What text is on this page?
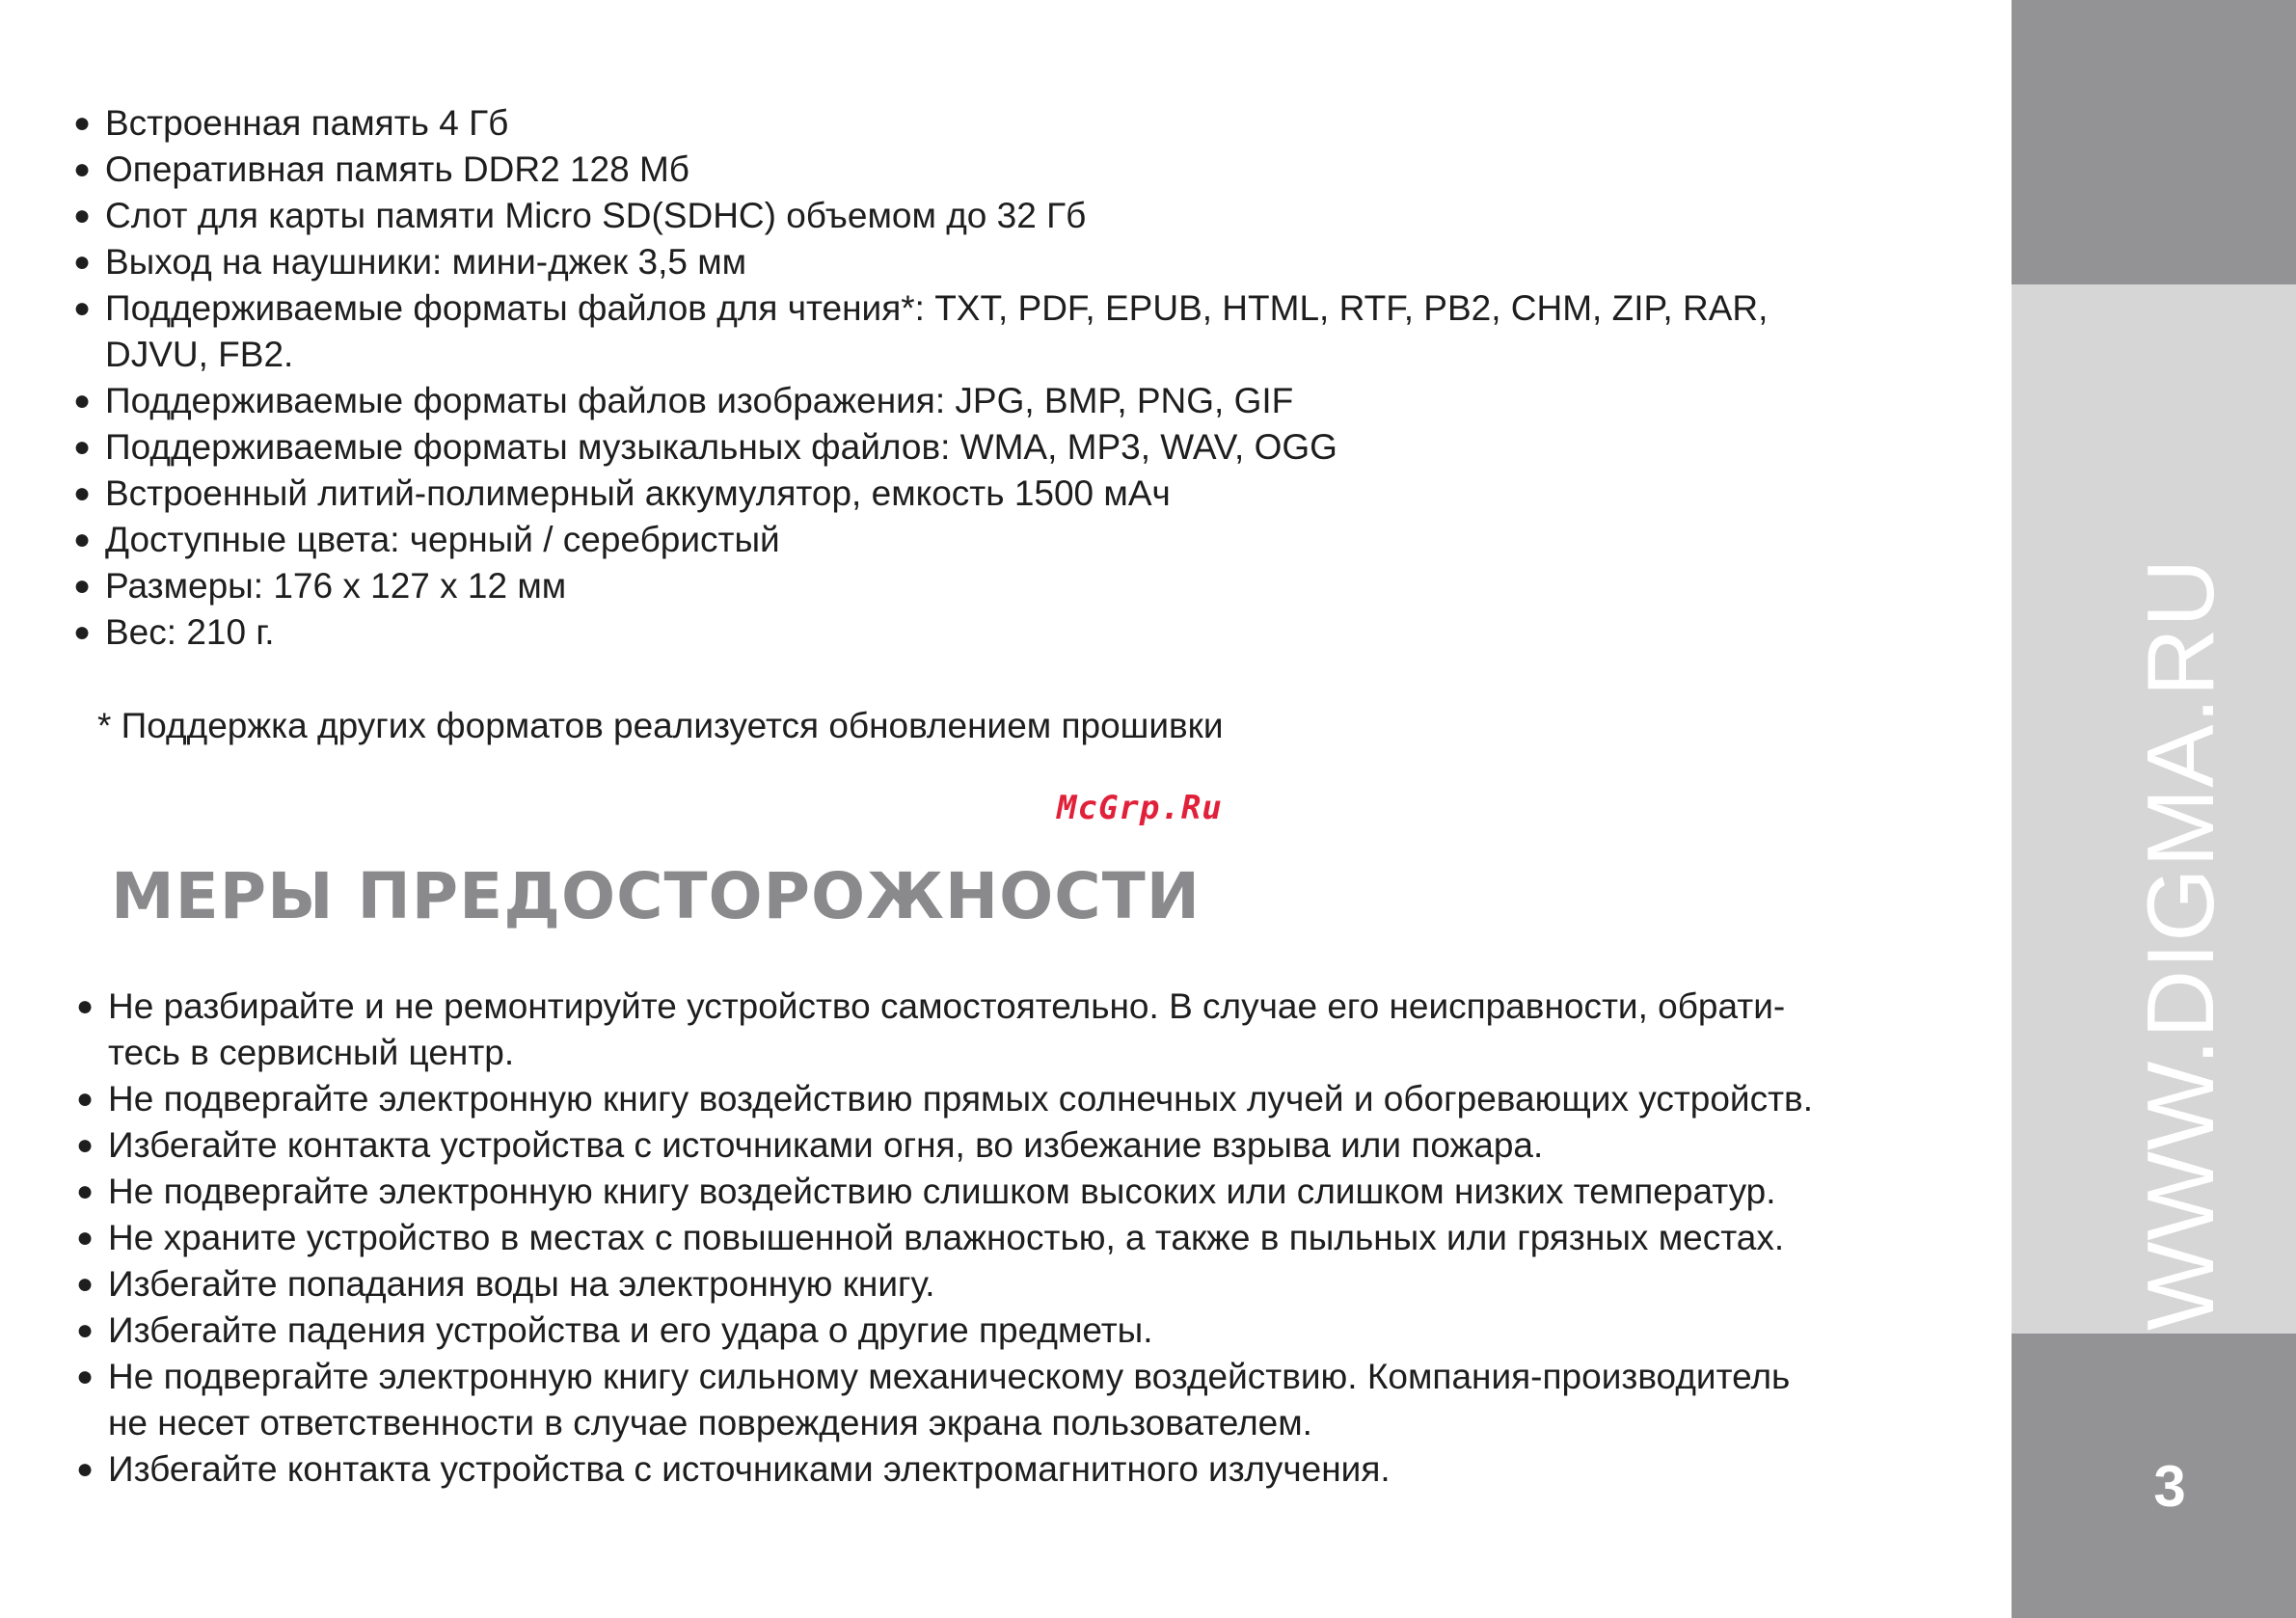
● Встроенная память 4 Гб
● Оперативная память DDR2 128 Мб
● Слот для карты памяти Micro SD(SDHC) объемом до 32 Гб
● Выход на наушники: мини-джек 3,5 мм
● Поддерживаемые форматы файлов для чтения*: TXT, PDF, EPUB, HTML, RTF, PB2, CHM, ZIP, RAR,
DJVU, FB2.
● Поддерживаемые форматы файлов изображения: JPG, BMP, PNG, GIF
● Поддерживаемые форматы музыкальных файлов: WMA, MP3, WAV, OGG
● Встроенный литий-полимерный аккумулятор, емкость 1500 мАч
● Доступные цвета: черный / серебристый
● Размеры: 176 x 127 x 12 мм
● Вес: 210 г.
* Поддержка других форматов реализуется обновлением прошивки
McGrp.Ru
МЕРЫ ПРЕДОСТОРОЖНОСТИ
● Не разбирайте и не ремонтируйте устройство самостоятельно. В случае его неисправности, обрати-
тесь в сервисный центр.
● Не подвергайте электронную книгу воздействию прямых солнечных лучей и обогревающих устройств.
● Избегайте контакта устройства с источниками огня, во избежание взрыва или пожара.
● Не подвергайте электронную книгу воздействию слишком высоких или слишком низких температур.
● Не храните устройство в местах с повышенной влажностью, а также в пыльных или грязных местах.
● Избегайте попадания воды на электронную книгу.
● Избегайте падения устройства и его удара о другие предметы.
● Не подвергайте электронную книгу сильному механическому воздействию. Компания-производитель
не несет ответственности в случае повреждения экрана пользователем.
● Избегайте контакта устройства с источниками электромагнитного излучения.
WWW.DIGMA.RU
3
